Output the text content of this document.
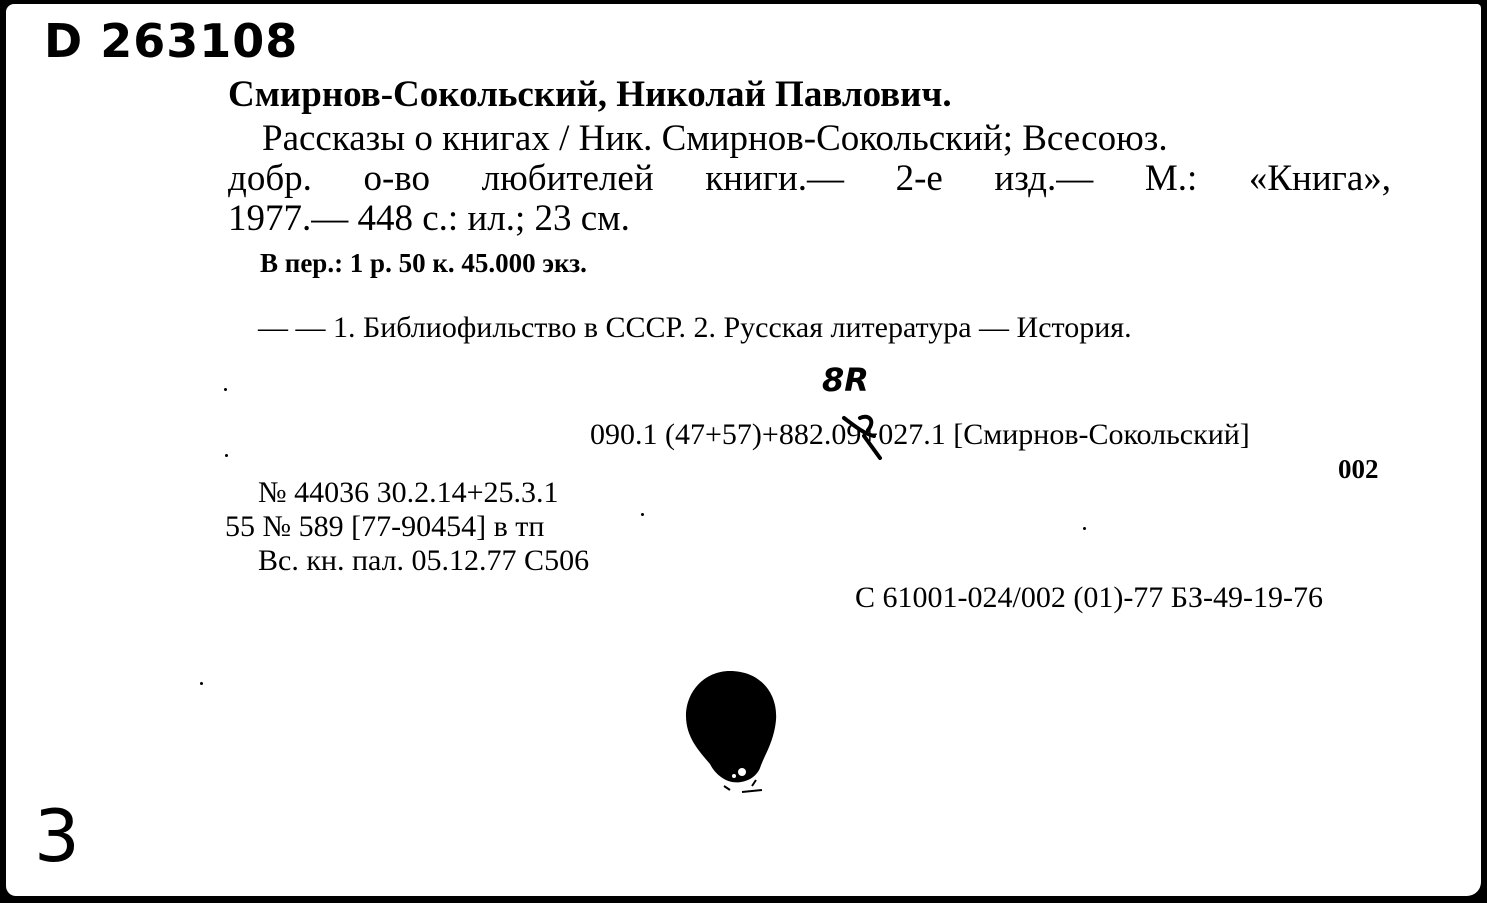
D 263108
Смирнов-Сокольский, Николай Павлович.
Рассказы о книгах / Ник. Смирнов-Сокольский; Всесоюз.
добр. о-во любителей книги.— 2-е изд.— М.: «Книга»,
1977.— 448 с.: ил.; 23 см.
В пер.: 1 р. 50 к. 45.000 экз.
— — 1. Библиофильство в СССР. 2. Русская литература — История.
8R
090.1 (47+57)+882.09+027.1 [Смирнов-Сокольский]
002
№ 44036 30.2.14+25.3.1
55 № 589 [77-90454] в тп
Вс. кн. пал. 05.12.77 С506
С 61001-024/002 (01)-77 БЗ-49-19-76
3
